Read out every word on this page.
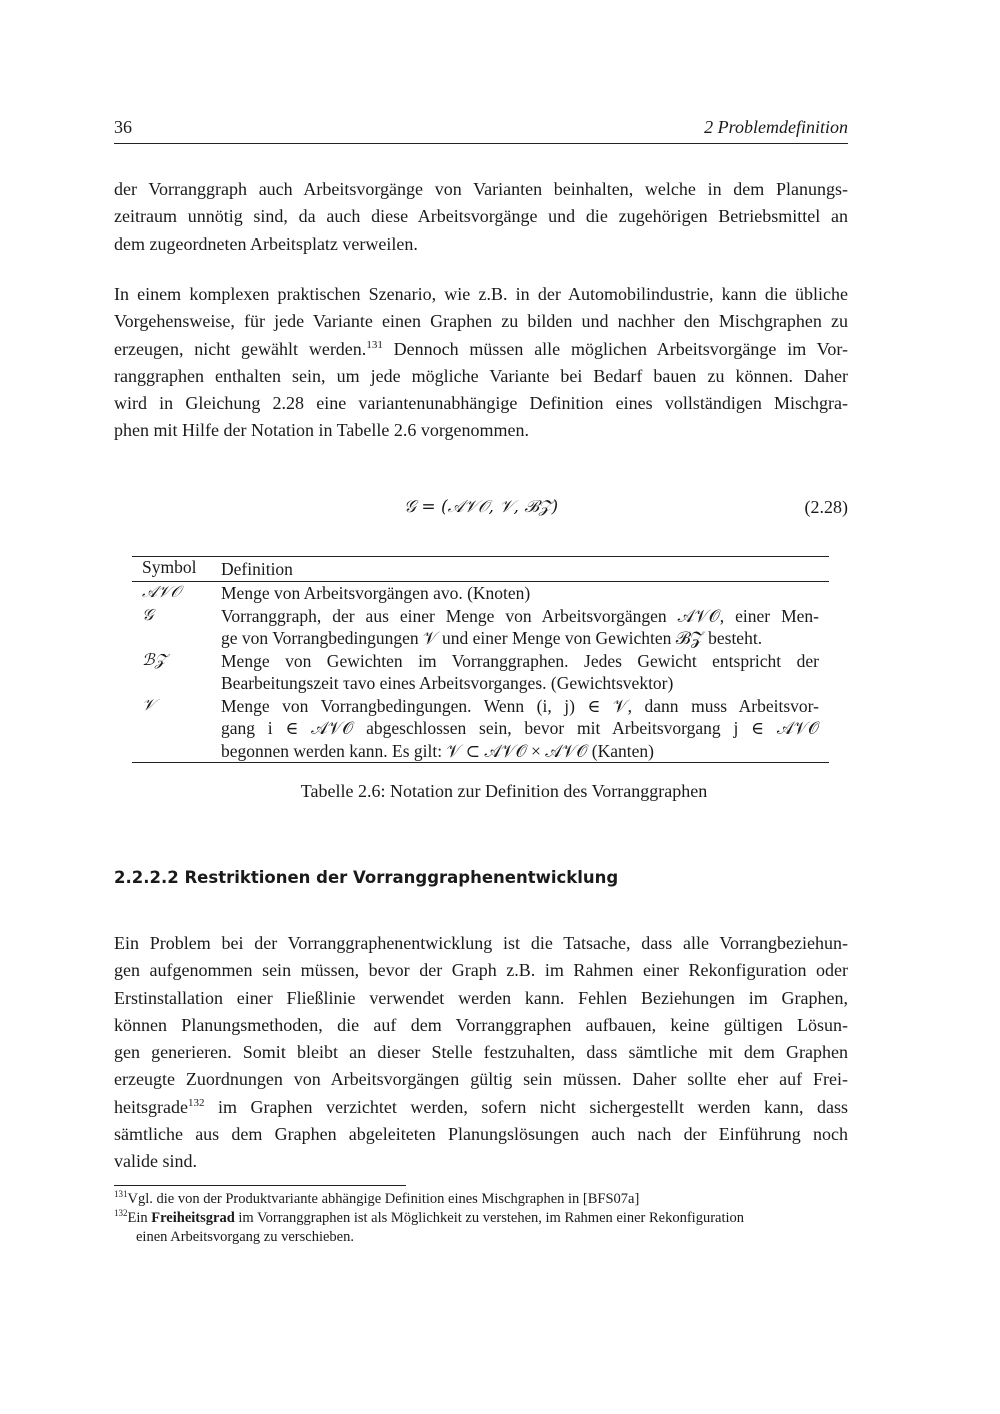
36	2 Problemdefinition
der Vorranggraph auch Arbeitsvorgänge von Varianten beinhalten, welche in dem Planungs-
zeitraum unnötig sind, da auch diese Arbeitsvorgänge und die zugehörigen Betriebsmittel an
dem zugeordneten Arbeitsplatz verweilen.
In einem komplexen praktischen Szenario, wie z.B. in der Automobilindustrie, kann die übliche
Vorgehensweise, für jede Variante einen Graphen zu bilden und nachher den Mischgraphen zu
erzeugen, nicht gewählt werden.$^{131}$ Dennoch müssen alle möglichen Arbeitsvorgänge im Vor-
ranggraphen enthalten sein, um jede mögliche Variante bei Bedarf bauen zu können. Daher
wird in Gleichung 2.28 eine variantenunabhängige Definition eines vollständigen Mischgra-
phen mit Hilfe der Notation in Tabelle 2.6 vorgenommen.
𝒢 = (𝒜𝒱𝒪, 𝒱, ℬ𝒵)	(2.28)
Symbol Definition
𝒜𝒱𝒪 Menge von Arbeitsvorgängen avo. (Knoten)
𝒢	Vorranggraph, der aus einer Menge von Arbeitsvorgängen 𝒜𝒱𝒪, einer Men-
ge von Vorrangbedingungen 𝒱 und einer Menge von Gewichten ℬ𝒵 besteht.
ℬ𝒵	Menge von Gewichten im Vorranggraphen. Jedes Gewicht entspricht der
Bearbeitungszeit τavo eines Arbeitsvorganges. (Gewichtsvektor)
𝒱	Menge von Vorrangbedingungen. Wenn (i, j) ∈ 𝒱, dann muss Arbeitsvor-
gang i ∈ 𝒜𝒱𝒪 abgeschlossen sein, bevor mit Arbeitsvorgang j ∈ 𝒜𝒱𝒪
begonnen werden kann. Es gilt: 𝒱 ⊂ 𝒜𝒱𝒪 × 𝒜𝒱𝒪 (Kanten)
Tabelle 2.6: Notation zur Definition des Vorranggraphen
2.2.2.2 Restriktionen der Vorranggraphenentwicklung
Ein Problem bei der Vorranggraphenentwicklung ist die Tatsache, dass alle Vorrangbeziehun-
gen aufgenommen sein müssen, bevor der Graph z.B. im Rahmen einer Rekonfiguration oder
Erstinstallation einer Fließlinie verwendet werden kann. Fehlen Beziehungen im Graphen,
können Planungsmethoden, die auf dem Vorranggraphen aufbauen, keine gültigen Lösun-
gen generieren. Somit bleibt an dieser Stelle festzuhalten, dass sämtliche mit dem Graphen
erzeugte Zuordnungen von Arbeitsvorgängen gültig sein müssen. Daher sollte eher auf Frei-
heitsgrade$^{132}$ im Graphen verzichtet werden, sofern nicht sichergestellt werden kann, dass
sämtliche aus dem Graphen abgeleiteten Planungslösungen auch nach der Einführung noch
valide sind.
$^{131}$Vgl. die von der Produktvariante abhängige Definition eines Mischgraphen in [BFS07a]
$^{132}$Ein Freiheitsgrad im Vorranggraphen ist als Möglichkeit zu verstehen, im Rahmen einer Rekonfiguration
einen Arbeitsvorgang zu verschieben.
